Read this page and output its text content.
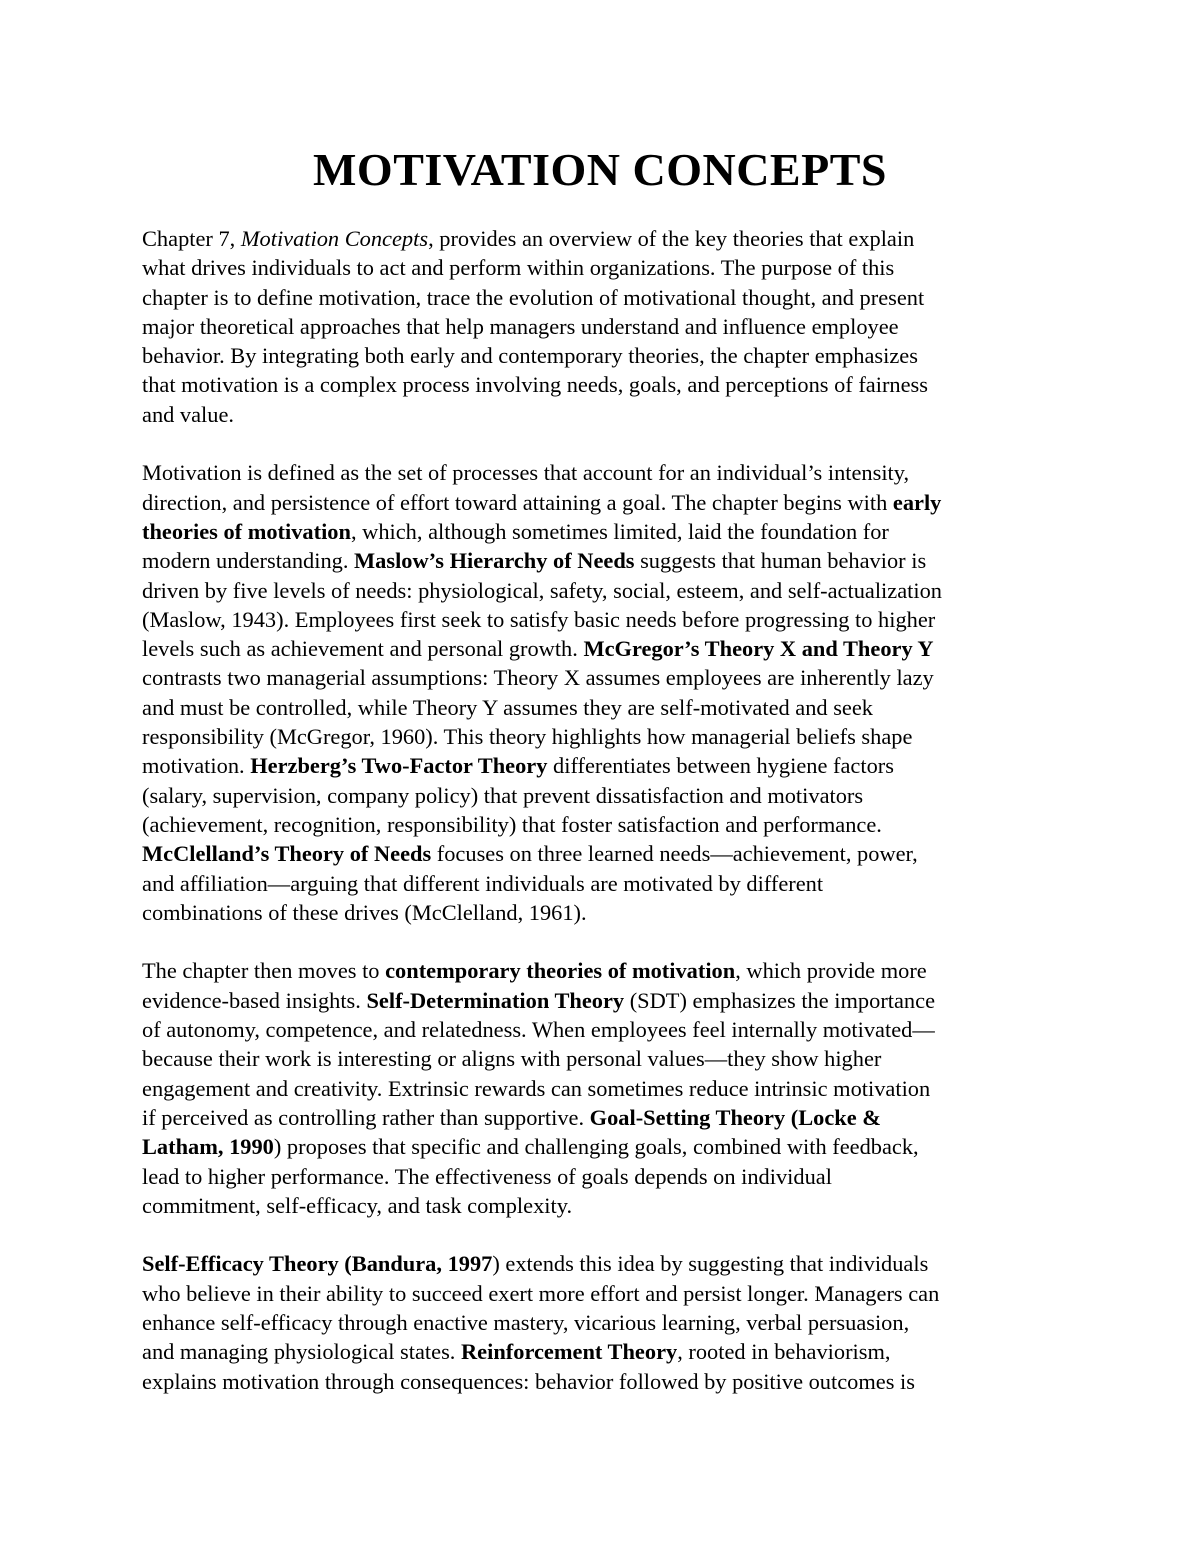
MOTIVATION CONCEPTS

Chapter 7, Motivation Concepts, provides an overview of the key theories that explain
what drives individuals to act and perform within organizations. The purpose of this
chapter is to define motivation, trace the evolution of motivational thought, and present
major theoretical approaches that help managers understand and influence employee
behavior. By integrating both early and contemporary theories, the chapter emphasizes
that motivation is a complex process involving needs, goals, and perceptions of fairness
and value.

Motivation is defined as the set of processes that account for an individual’s intensity,
direction, and persistence of effort toward attaining a goal. The chapter begins with early
theories of motivation, which, although sometimes limited, laid the foundation for
modern understanding. Maslow’s Hierarchy of Needs suggests that human behavior is
driven by five levels of needs: physiological, safety, social, esteem, and self-actualization
(Maslow, 1943). Employees first seek to satisfy basic needs before progressing to higher
levels such as achievement and personal growth. McGregor’s Theory X and Theory Y
contrasts two managerial assumptions: Theory X assumes employees are inherently lazy
and must be controlled, while Theory Y assumes they are self-motivated and seek
responsibility (McGregor, 1960). This theory highlights how managerial beliefs shape
motivation. Herzberg’s Two-Factor Theory differentiates between hygiene factors
(salary, supervision, company policy) that prevent dissatisfaction and motivators
(achievement, recognition, responsibility) that foster satisfaction and performance.
McClelland’s Theory of Needs focuses on three learned needs—achievement, power,
and affiliation—arguing that different individuals are motivated by different
combinations of these drives (McClelland, 1961).

The chapter then moves to contemporary theories of motivation, which provide more
evidence-based insights. Self-Determination Theory (SDT) emphasizes the importance
of autonomy, competence, and relatedness. When employees feel internally motivated—
because their work is interesting or aligns with personal values—they show higher
engagement and creativity. Extrinsic rewards can sometimes reduce intrinsic motivation
if perceived as controlling rather than supportive. Goal-Setting Theory (Locke &
Latham, 1990) proposes that specific and challenging goals, combined with feedback,
lead to higher performance. The effectiveness of goals depends on individual
commitment, self-efficacy, and task complexity.

Self-Efficacy Theory (Bandura, 1997) extends this idea by suggesting that individuals
who believe in their ability to succeed exert more effort and persist longer. Managers can
enhance self-efficacy through enactive mastery, vicarious learning, verbal persuasion,
and managing physiological states. Reinforcement Theory, rooted in behaviorism,
explains motivation through consequences: behavior followed by positive outcomes is
